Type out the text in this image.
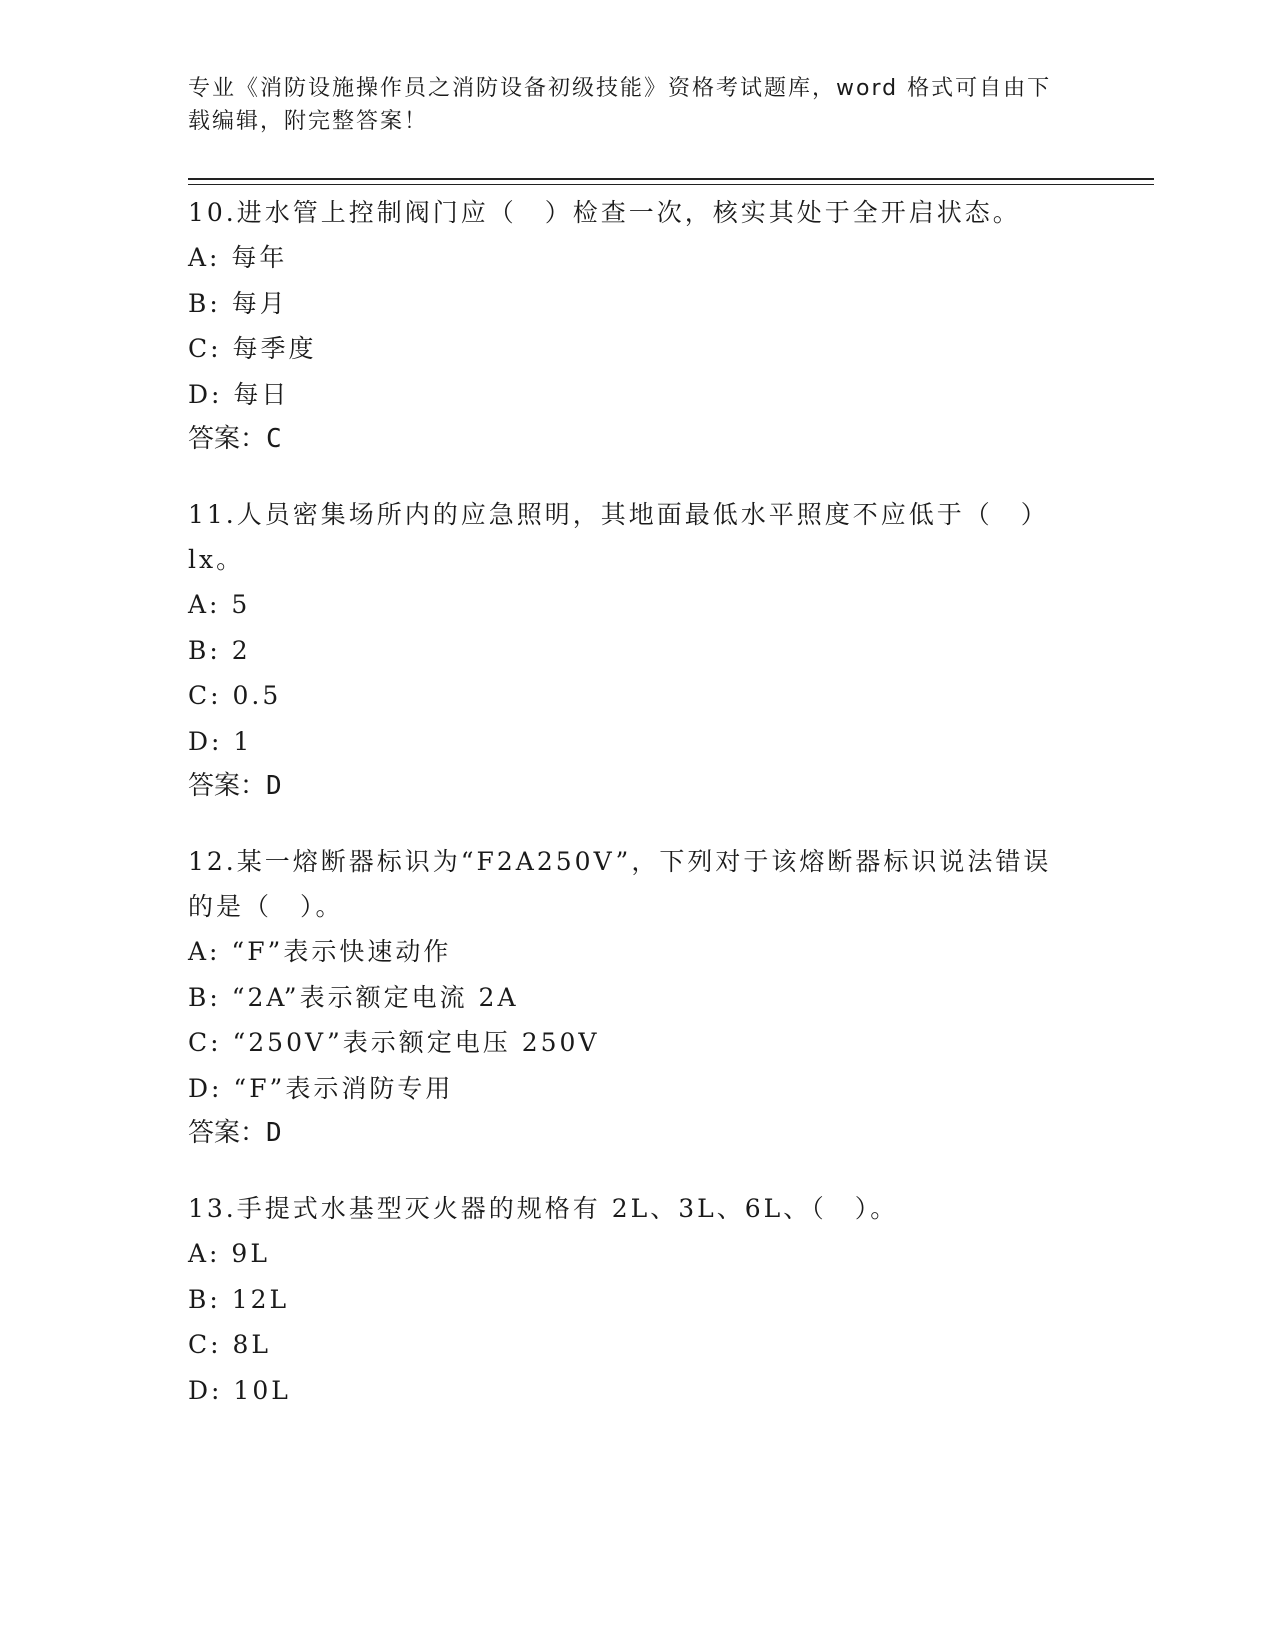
专业《消防设施操作员之消防设备初级技能》资格考试题库，word 格式可自由下载编辑，附完整答案！

10.进水管上控制阀门应（　）检查一次，核实其处于全开启状态。

A: 每年

B: 每月

C: 每季度

D: 每日

答案：C

11.人员密集场所内的应急照明，其地面最低水平照度不应低于（　）lx。

A: 5

B: 2

C: 0.5

D: 1

答案：D

12.某一熔断器标识为“F2A250V”，下列对于该熔断器标识说法错误的是（　）。

A: “F”表示快速动作

B: “2A”表示额定电流 2A

C: “250V”表示额定电压 250V

D: “F”表示消防专用

答案：D

13.手提式水基型灭火器的规格有 2L、3L、6L、（　）。

A: 9L

B: 12L

C: 8L

D: 10L
